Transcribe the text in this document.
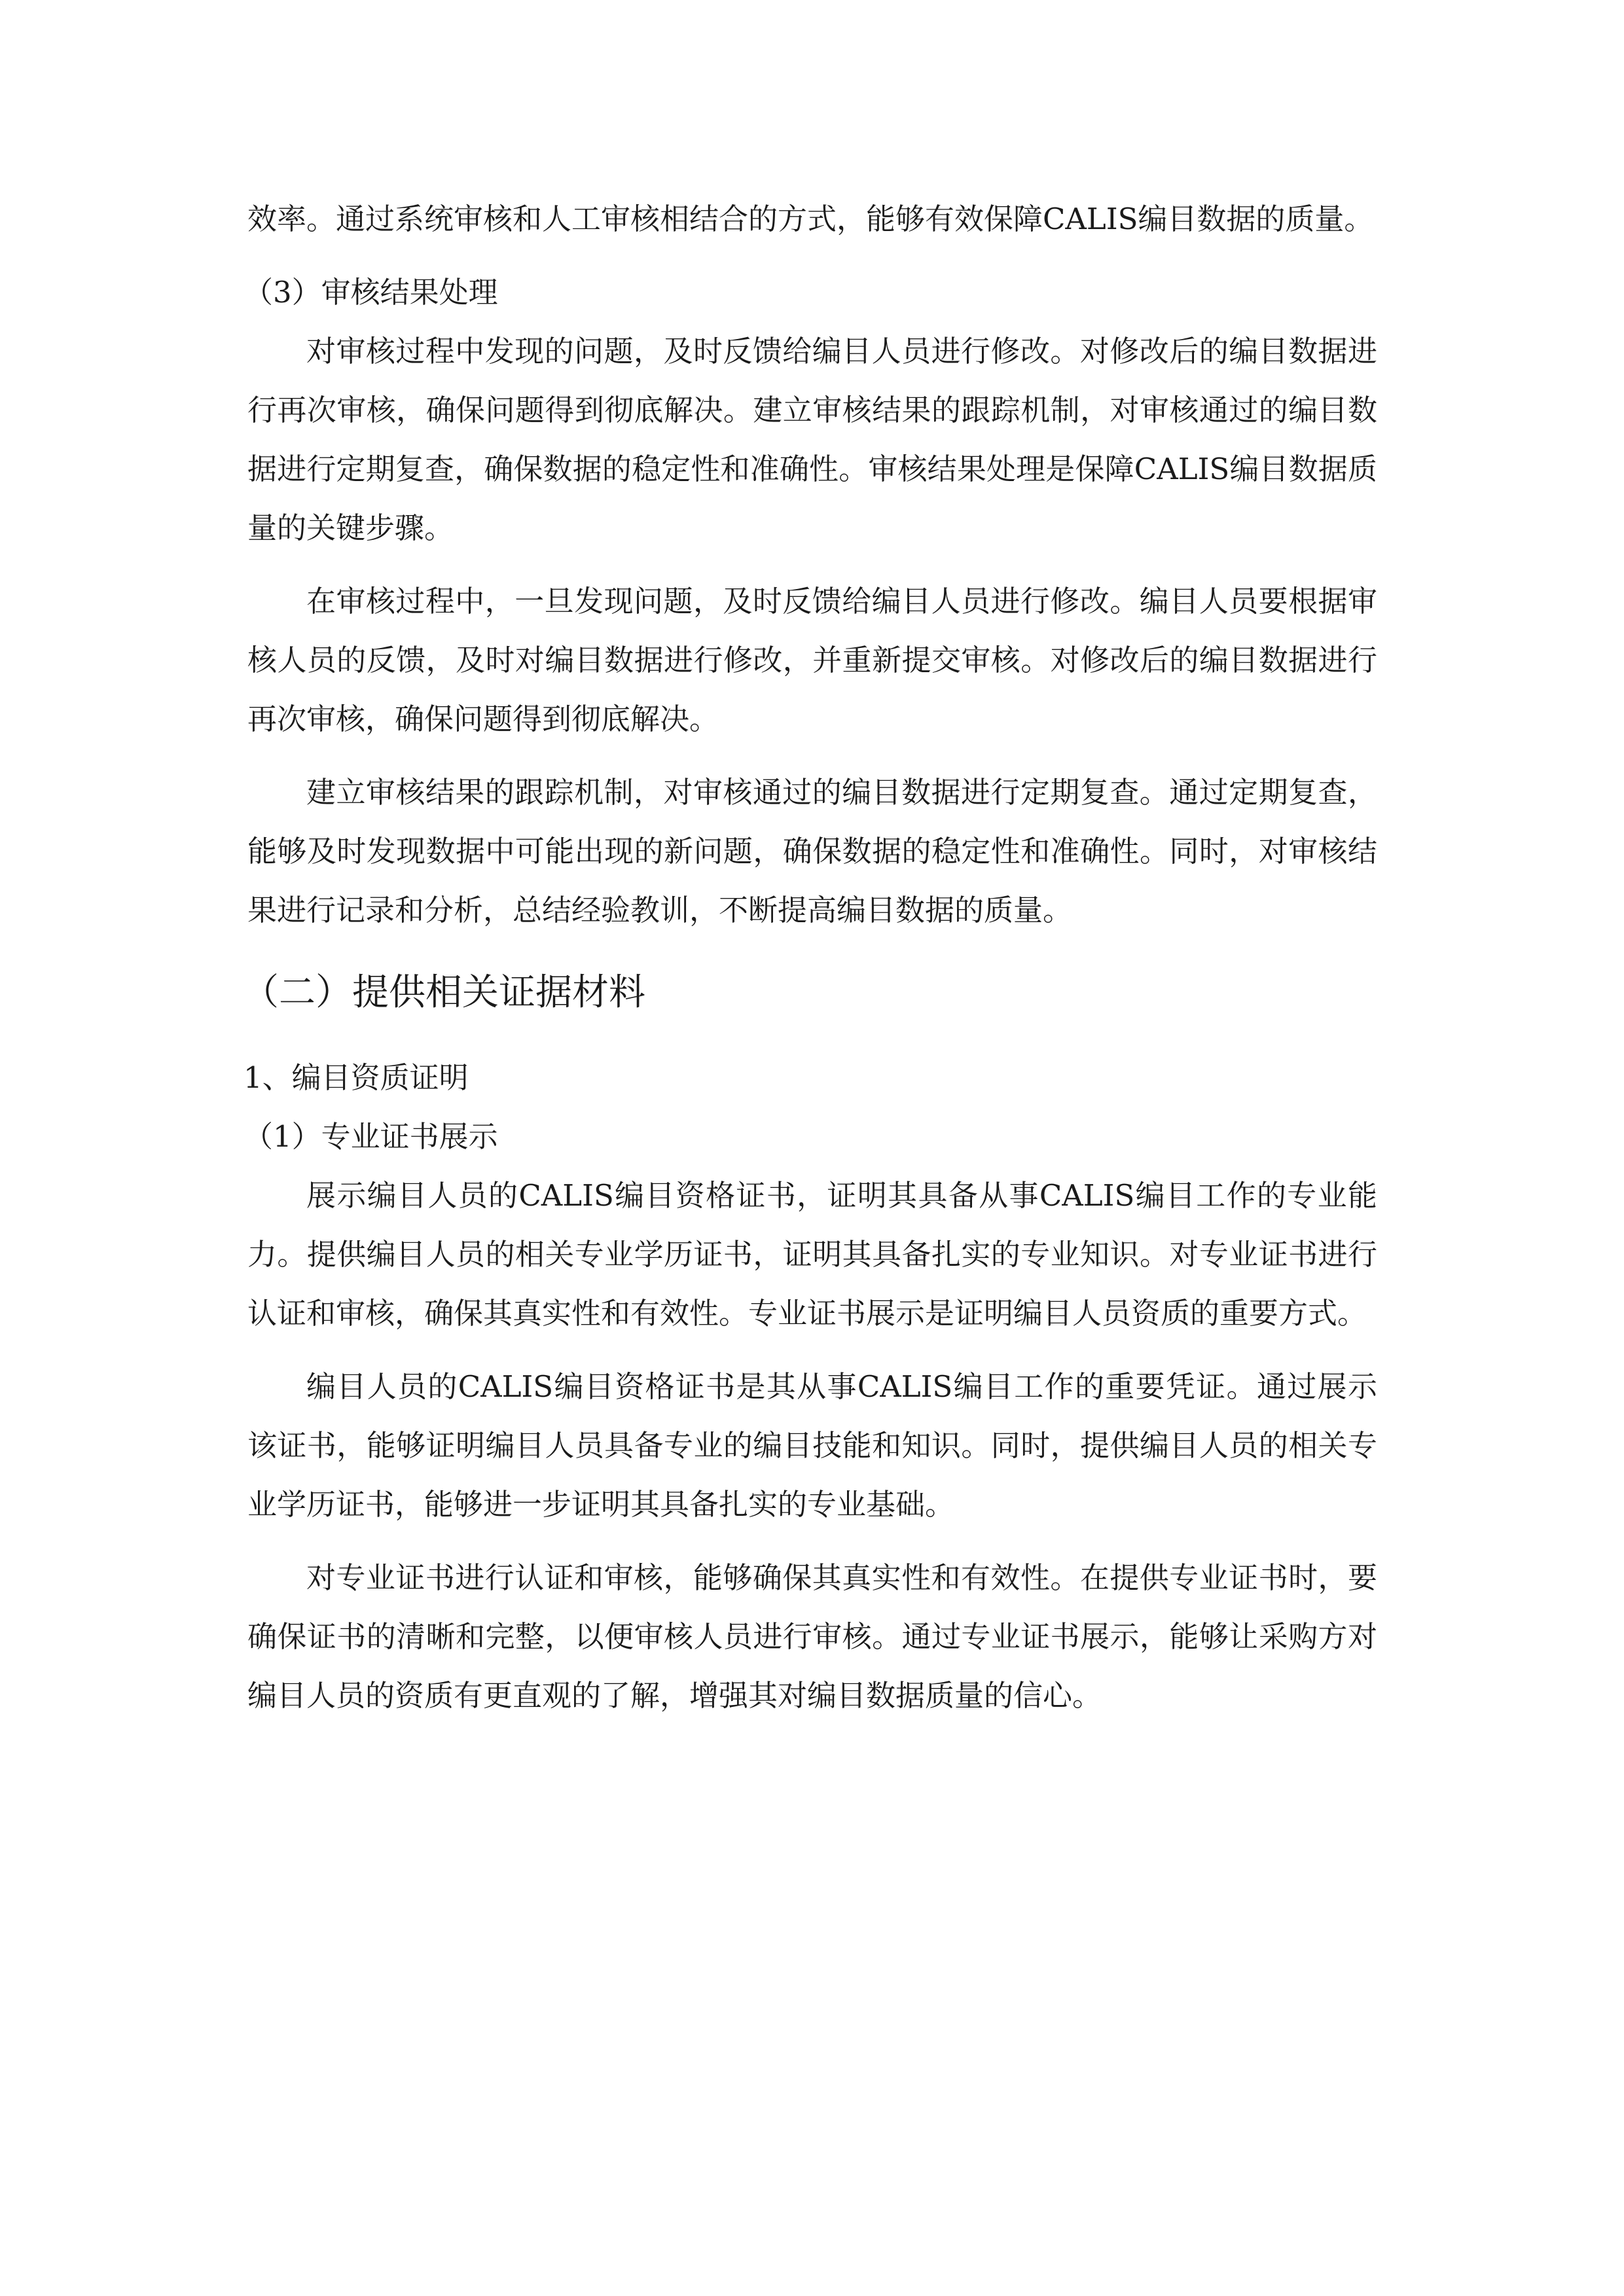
效率。通过系统审核和人工审核相结合的方式，能够有效保障CALIS编目数据的质量。

（3）审核结果处理

对审核过程中发现的问题，及时反馈给编目人员进行修改。对修改后的编目数据进行再次审核，确保问题得到彻底解决。建立审核结果的跟踪机制，对审核通过的编目数据进行定期复查，确保数据的稳定性和准确性。审核结果处理是保障CALIS编目数据质量的关键步骤。

在审核过程中，一旦发现问题，及时反馈给编目人员进行修改。编目人员要根据审核人员的反馈，及时对编目数据进行修改，并重新提交审核。对修改后的编目数据进行再次审核，确保问题得到彻底解决。

建立审核结果的跟踪机制，对审核通过的编目数据进行定期复查。通过定期复查，能够及时发现数据中可能出现的新问题，确保数据的稳定性和准确性。同时，对审核结果进行记录和分析，总结经验教训，不断提高编目数据的质量。

（二）提供相关证据材料

1、编目资质证明

（1）专业证书展示

展示编目人员的CALIS编目资格证书，证明其具备从事CALIS编目工作的专业能力。提供编目人员的相关专业学历证书，证明其具备扎实的专业知识。对专业证书进行认证和审核，确保其真实性和有效性。专业证书展示是证明编目人员资质的重要方式。

编目人员的CALIS编目资格证书是其从事CALIS编目工作的重要凭证。通过展示该证书，能够证明编目人员具备专业的编目技能和知识。同时，提供编目人员的相关专业学历证书，能够进一步证明其具备扎实的专业基础。

对专业证书进行认证和审核，能够确保其真实性和有效性。在提供专业证书时，要确保证书的清晰和完整，以便审核人员进行审核。通过专业证书展示，能够让采购方对编目人员的资质有更直观的了解，增强其对编目数据质量的信心。
